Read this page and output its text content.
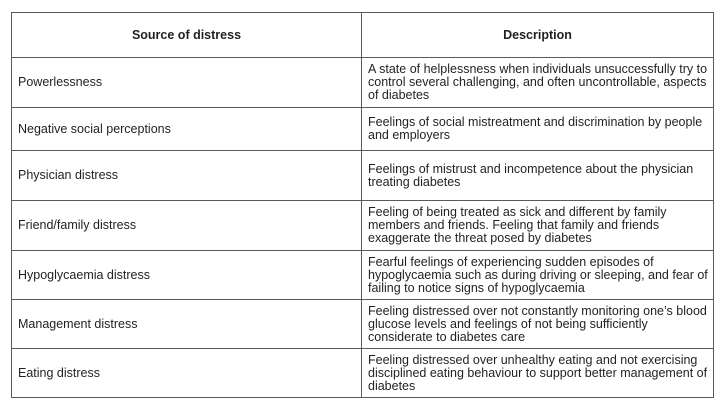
Source of distress	Description
Powerlessness	A state of helplessness when individuals unsuccessfully try to control several challenging, and often uncontrollable, aspects of diabetes
Negative social perceptions	Feelings of social mistreatment and discrimination by people and employers
Physician distress	Feelings of mistrust and incompetence about the physician treating diabetes
Friend/family distress	Feeling of being treated as sick and different by family members and friends. Feeling that family and friends exaggerate the threat posed by diabetes
Hypoglycaemia distress	Fearful feelings of experiencing sudden episodes of hypoglycaemia such as during driving or sleeping, and fear of failing to notice signs of hypoglycaemia
Management distress	Feeling distressed over not constantly monitoring one’s blood glucose levels and feelings of not being sufficiently considerate to diabetes care
Eating distress	Feeling distressed over unhealthy eating and not exercising disciplined eating behaviour to support better management of diabetes
